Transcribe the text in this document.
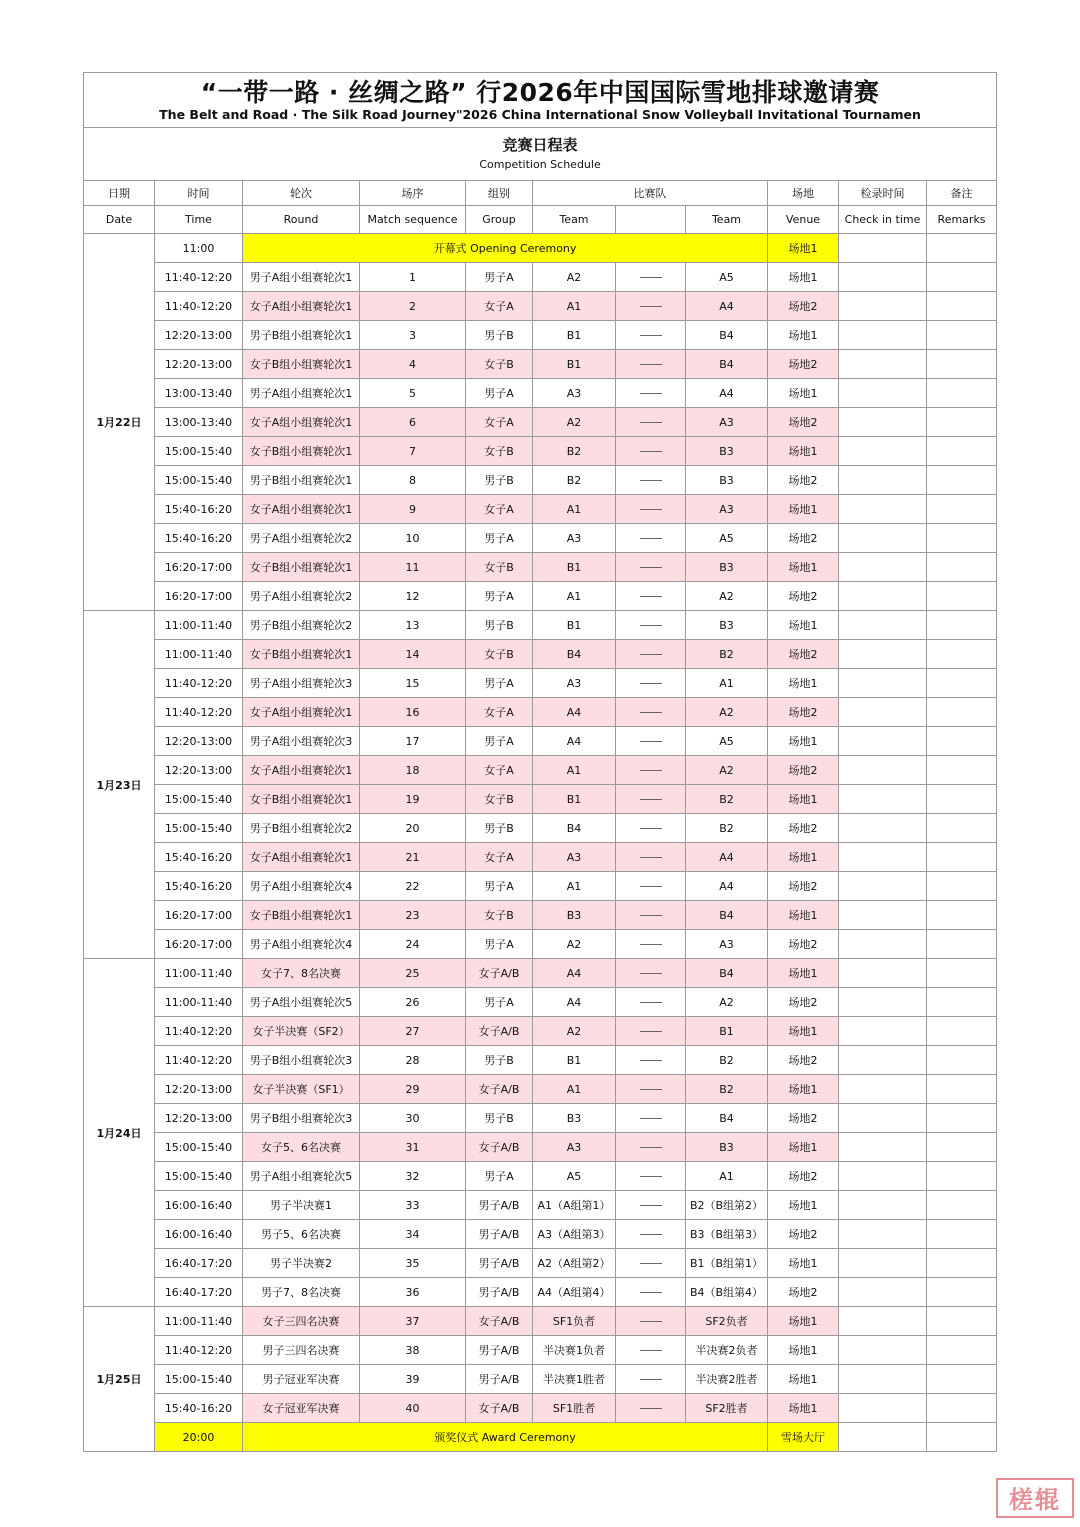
“一带一路 · 丝绸之路” 行2026年中国国际雪地排球邀请赛
The Belt and Road · The Silk Road Journey"2026 China International Snow Volleyball Invitational Tournamen										

竞赛日程表
Competition Schedule										

日期	时间	轮次	场序	组别	比赛队			场地	检录时间	备注
Date	Time	Round	Match sequence	Group	Team		Team	Venue	Check in time	Remarks
1月22日	11:00	开幕式 Opening Ceremony						场地1		
	11:40-12:20	男子A组小组赛轮次1	1	男子A	A2		A5	场地1		
	11:40-12:20	女子A组小组赛轮次1	2	女子A	A1		A4	场地2		
	12:20-13:00	男子B组小组赛轮次1	3	男子B	B1		B4	场地1		
	12:20-13:00	女子B组小组赛轮次1	4	女子B	B1		B4	场地2		
	13:00-13:40	男子A组小组赛轮次1	5	男子A	A3		A4	场地1		
	13:00-13:40	女子A组小组赛轮次1	6	女子A	A2		A3	场地2		
	15:00-15:40	女子B组小组赛轮次1	7	女子B	B2		B3	场地1		
	15:00-15:40	男子B组小组赛轮次1	8	男子B	B2		B3	场地2		
	15:40-16:20	女子A组小组赛轮次1	9	女子A	A1		A3	场地1		
	15:40-16:20	男子A组小组赛轮次2	10	男子A	A3		A5	场地2		
	16:20-17:00	女子B组小组赛轮次1	11	女子B	B1		B3	场地1		
	16:20-17:00	男子A组小组赛轮次2	12	男子A	A1		A2	场地2		
1月23日	11:00-11:40	男子B组小组赛轮次2	13	男子B	B1		B3	场地1		
	11:00-11:40	女子B组小组赛轮次1	14	女子B	B4		B2	场地2		
	11:40-12:20	男子A组小组赛轮次3	15	男子A	A3		A1	场地1		
	11:40-12:20	女子A组小组赛轮次1	16	女子A	A4		A2	场地2		
	12:20-13:00	男子A组小组赛轮次3	17	男子A	A4		A5	场地1		
	12:20-13:00	女子A组小组赛轮次1	18	女子A	A1		A2	场地2		
	15:00-15:40	女子B组小组赛轮次1	19	女子B	B1		B2	场地1		
	15:00-15:40	男子B组小组赛轮次2	20	男子B	B4		B2	场地2		
	15:40-16:20	女子A组小组赛轮次1	21	女子A	A3		A4	场地1		
	15:40-16:20	男子A组小组赛轮次4	22	男子A	A1		A4	场地2		
	16:20-17:00	女子B组小组赛轮次1	23	女子B	B3		B4	场地1		
	16:20-17:00	男子A组小组赛轮次4	24	男子A	A2		A3	场地2		
1月24日	11:00-11:40	女子7、8名决赛	25	女子A/B	A4		B4	场地1		
	11:00-11:40	男子A组小组赛轮次5	26	男子A	A4		A2	场地2		
	11:40-12:20	女子半决赛（SF2）	27	女子A/B	A2		B1	场地1		
	11:40-12:20	男子B组小组赛轮次3	28	男子B	B1		B2	场地2		
	12:20-13:00	女子半决赛（SF1）	29	女子A/B	A1		B2	场地1		
	12:20-13:00	男子B组小组赛轮次3	30	男子B	B3		B4	场地2		
	15:00-15:40	女子5、6名决赛	31	女子A/B	A3		B3	场地1		
	15:00-15:40	男子A组小组赛轮次5	32	男子A	A5		A1	场地2		
	16:00-16:40	男子半决赛1	33	男子A/B	A1（A组第1）		B2（B组第2）	场地1		
	16:00-16:40	男子5、6名决赛	34	男子A/B	A3（A组第3）		B3（B组第3）	场地2		
	16:40-17:20	男子半决赛2	35	男子A/B	A2（A组第2）		B1（B组第1）	场地1		
	16:40-17:20	男子7、8名决赛	36	男子A/B	A4（A组第4）		B4（B组第4）	场地2		
1月25日	11:00-11:40	女子三四名决赛	37	女子A/B	SF1负者		SF2负者	场地1		
	11:40-12:20	男子三四名决赛	38	男子A/B	半决赛1负者		半决赛2负者	场地1		
	15:00-15:40	男子冠亚军决赛	39	男子A/B	半决赛1胜者		半决赛2胜者	场地1		
	15:40-16:20	女子冠亚军决赛	40	女子A/B	SF1胜者		SF2胜者	场地1		
	20:00	颁奖仪式 Award Ceremony						雪场大厅		
槎辊
